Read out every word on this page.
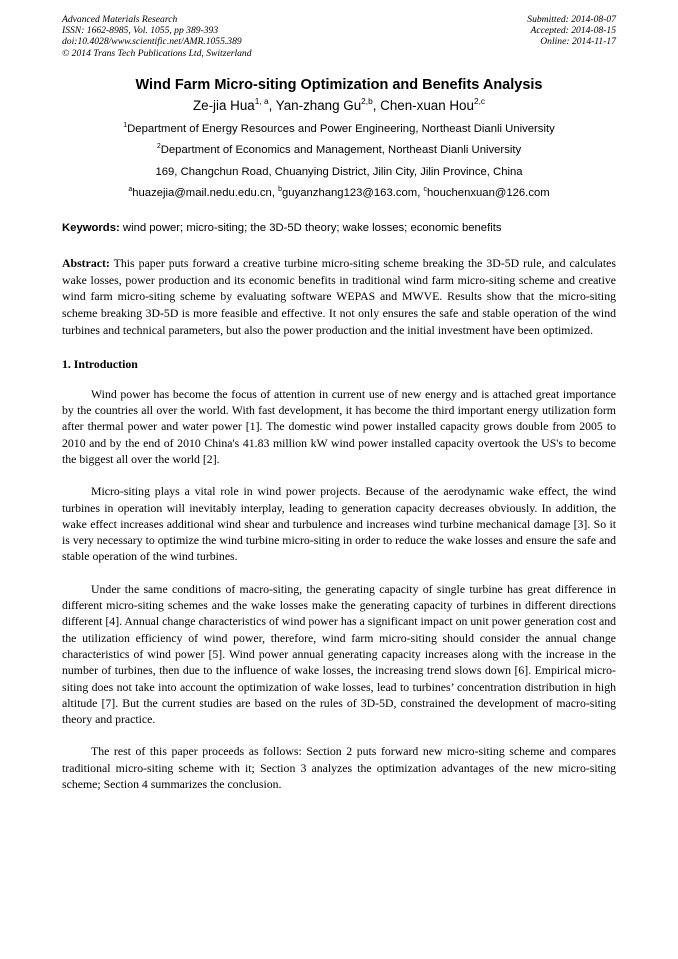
Advanced Materials Research
ISSN: 1662-8985, Vol. 1055, pp 389-393
doi:10.4028/www.scientific.net/AMR.1055.389
© 2014 Trans Tech Publications Ltd, Switzerland
Submitted: 2014-08-07
Accepted: 2014-08-15
Online: 2014-11-17
Wind Farm Micro-siting Optimization and Benefits Analysis
Ze-jia Hua$^{1, a}$, Yan-zhang Gu$^{2,b}$, Chen-xuan Hou$^{2,c}$
$^1$Department of Energy Resources and Power Engineering, Northeast Dianli University
$^2$Department of Economics and Management, Northeast Dianli University
169, Changchun Road, Chuanying District, Jilin City, Jilin Province, China
$^a$huazejia@mail.nedu.edu.cn, $^b$guyanzhang123@163.com, $^c$houchenxuan@126.com
Keywords: wind power; micro-siting; the 3D-5D theory; wake losses; economic benefits
Abstract: This paper puts forward a creative turbine micro-siting scheme breaking the 3D-5D rule, and calculates wake losses, power production and its economic benefits in traditional wind farm micro-siting scheme and creative wind farm micro-siting scheme by evaluating software WEPAS and MWVE. Results show that the micro-siting scheme breaking 3D-5D is more feasible and effective. It not only ensures the safe and stable operation of the wind turbines and technical parameters, but also the power production and the initial investment have been optimized.
1. Introduction
Wind power has become the focus of attention in current use of new energy and is attached great importance by the countries all over the world. With fast development, it has become the third important energy utilization form after thermal power and water power [1]. The domestic wind power installed capacity grows double from 2005 to 2010 and by the end of 2010 China's 41.83 million kW wind power installed capacity overtook the US's to become the biggest all over the world [2].
Micro-siting plays a vital role in wind power projects. Because of the aerodynamic wake effect, the wind turbines in operation will inevitably interplay, leading to generation capacity decreases obviously. In addition, the wake effect increases additional wind shear and turbulence and increases wind turbine mechanical damage [3]. So it is very necessary to optimize the wind turbine micro-siting in order to reduce the wake losses and ensure the safe and stable operation of the wind turbines.
Under the same conditions of macro-siting, the generating capacity of single turbine has great difference in different micro-siting schemes and the wake losses make the generating capacity of turbines in different directions different [4]. Annual change characteristics of wind power has a significant impact on unit power generation cost and the utilization efficiency of wind power, therefore, wind farm micro-siting should consider the annual change characteristics of wind power [5]. Wind power annual generating capacity increases along with the increase in the number of turbines, then due to the influence of wake losses, the increasing trend slows down [6]. Empirical micro-siting does not take into account the optimization of wake losses, lead to turbines’ concentration distribution in high altitude [7]. But the current studies are based on the rules of 3D-5D, constrained the development of macro-siting theory and practice.
The rest of this paper proceeds as follows: Section 2 puts forward new micro-siting scheme and compares traditional micro-siting scheme with it; Section 3 analyzes the optimization advantages of the new micro-siting scheme; Section 4 summarizes the conclusion.
